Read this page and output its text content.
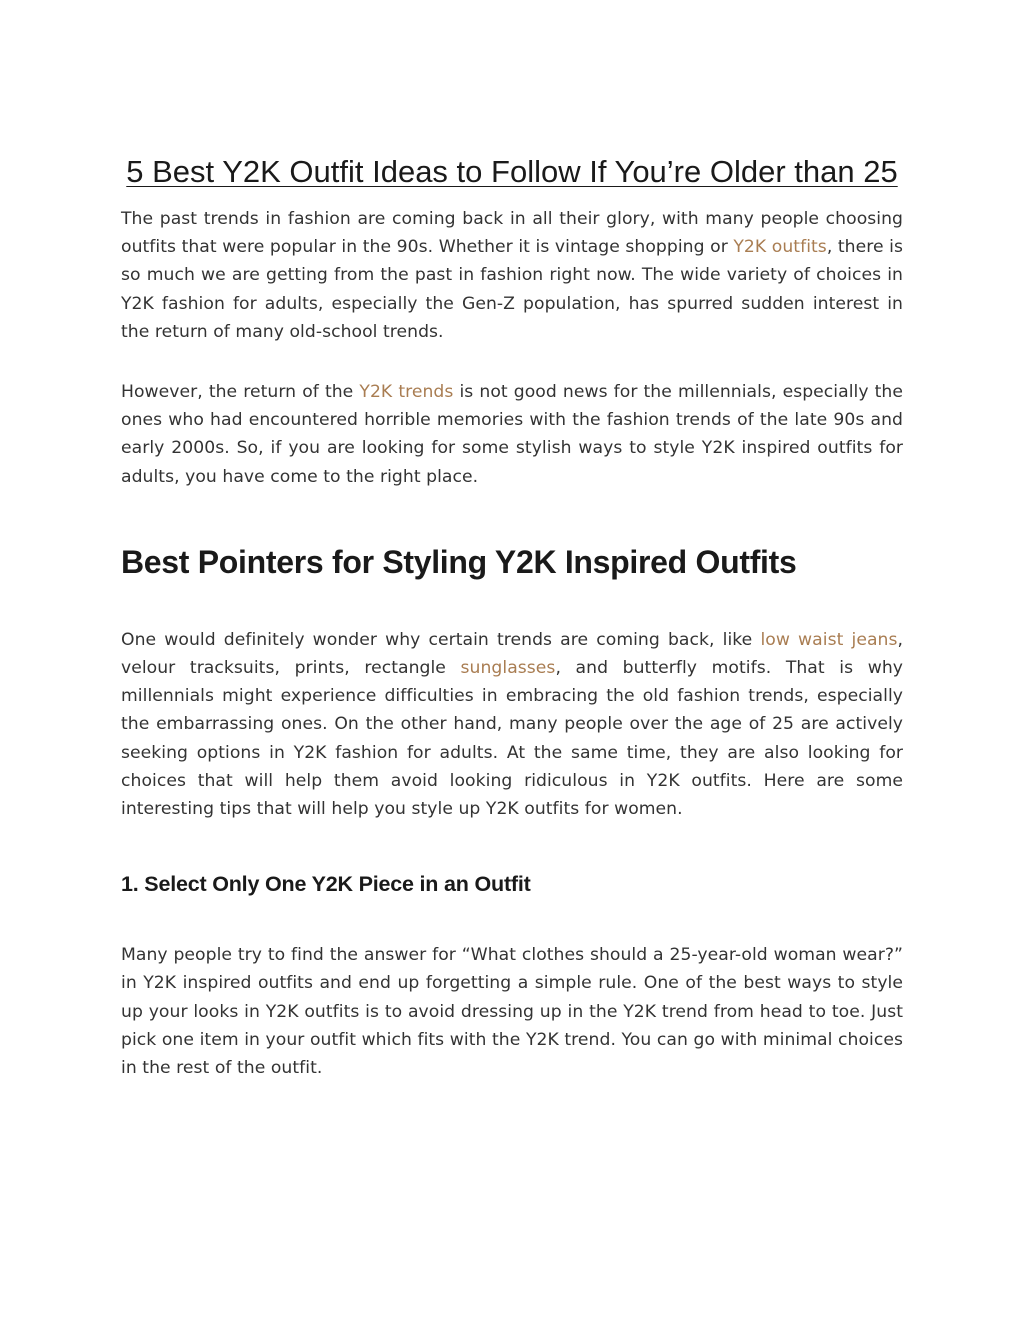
5 Best Y2K Outfit Ideas to Follow If You’re Older than 25

The past trends in fashion are coming back in all their glory, with many people choosing outfits that were popular in the 90s. Whether it is vintage shopping or Y2K outfits, there is so much we are getting from the past in fashion right now. The wide variety of choices in Y2K fashion for adults, especially the Gen-Z population, has spurred sudden interest in the return of many old-school trends.

However, the return of the Y2K trends is not good news for the millennials, especially the ones who had encountered horrible memories with the fashion trends of the late 90s and early 2000s. So, if you are looking for some stylish ways to style Y2K inspired outfits for adults, you have come to the right place.

Best Pointers for Styling Y2K Inspired Outfits

One would definitely wonder why certain trends are coming back, like low waist jeans, velour tracksuits, prints, rectangle sunglasses, and butterfly motifs. That is why millennials might experience difficulties in embracing the old fashion trends, especially the embarrassing ones. On the other hand, many people over the age of 25 are actively seeking options in Y2K fashion for adults. At the same time, they are also looking for choices that will help them avoid looking ridiculous in Y2K outfits. Here are some interesting tips that will help you style up Y2K outfits for women.

1. Select Only One Y2K Piece in an Outfit

Many people try to find the answer for “What clothes should a 25-year-old woman wear?” in Y2K inspired outfits and end up forgetting a simple rule. One of the best ways to style up your looks in Y2K outfits is to avoid dressing up in the Y2K trend from head to toe. Just pick one item in your outfit which fits with the Y2K trend. You can go with minimal choices in the rest of the outfit.
